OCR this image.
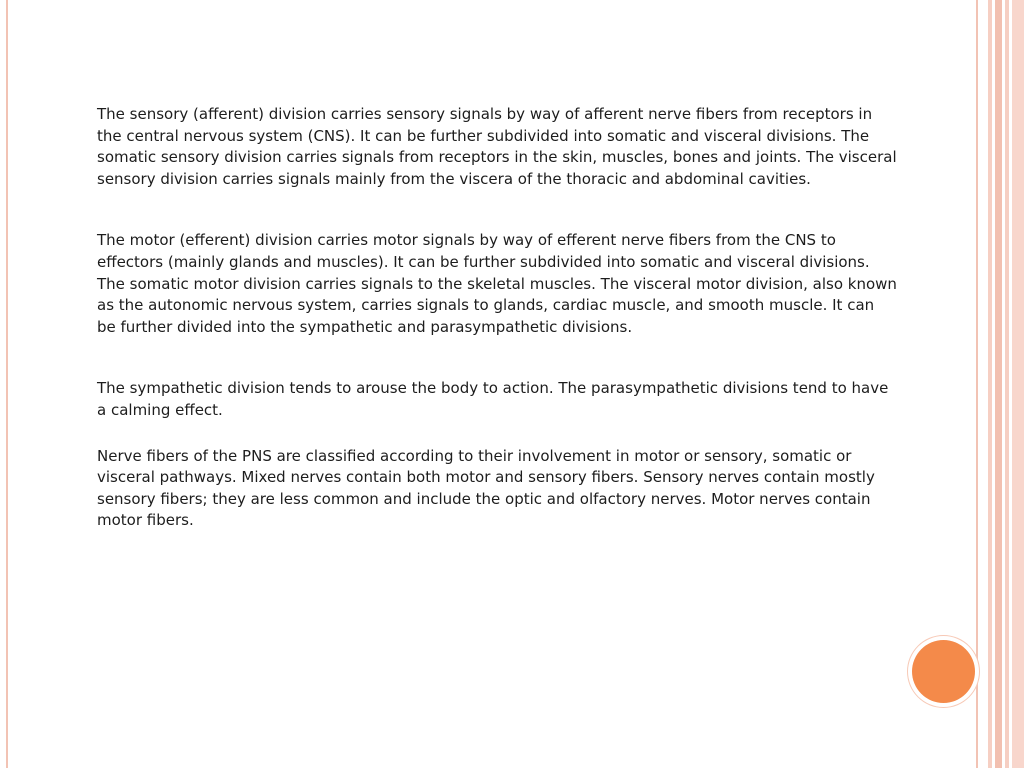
The sensory (afferent) division carries sensory signals by way of afferent nerve fibers from receptors in the central nervous system (CNS). It can be further subdivided into somatic and visceral divisions. The somatic sensory division carries signals from receptors in the skin, muscles, bones and joints. The visceral sensory division carries signals mainly from the viscera of the thoracic and abdominal cavities.

The motor (efferent) division carries motor signals by way of efferent nerve fibers from the CNS to effectors (mainly glands and muscles). It can be further subdivided into somatic and visceral divisions. The somatic motor division carries signals to the skeletal muscles. The visceral motor division, also known as the autonomic nervous system, carries signals to glands, cardiac muscle, and smooth muscle. It can be further divided into the sympathetic and parasympathetic divisions.

The sympathetic division tends to arouse the body to action. The parasympathetic divisions tend to have a calming effect.

Nerve fibers of the PNS are classified according to their involvement in motor or sensory, somatic or visceral pathways. Mixed nerves contain both motor and sensory fibers. Sensory nerves contain mostly sensory fibers; they are less common and include the optic and olfactory nerves. Motor nerves contain motor fibers.
